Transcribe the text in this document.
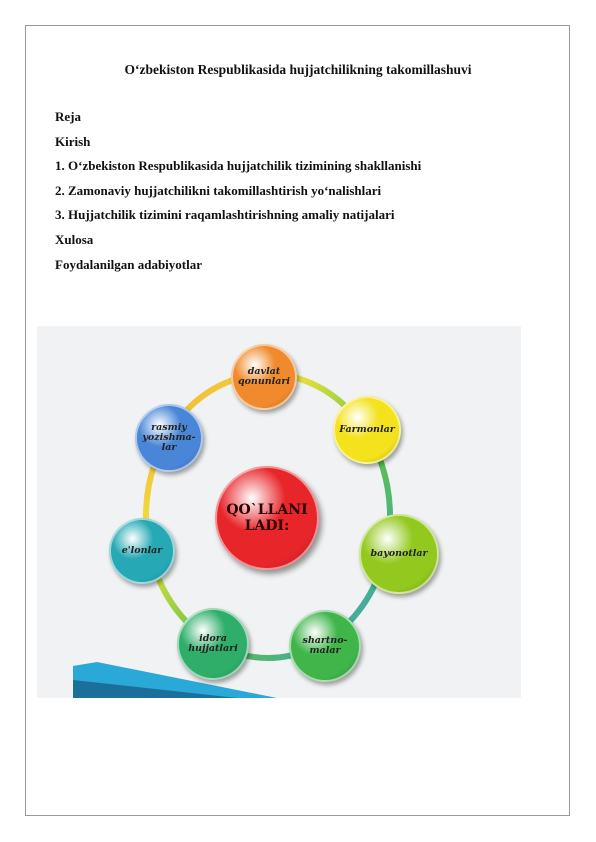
O‘zbekiston Respublikasida hujjatchilikning takomillashuvi
Reja
Kirish
1. O‘zbekiston Respublikasida hujjatchilik tizimining shakllanishi
2. Zamonaviy hujjatchilikni takomillashtirish yo‘nalishlari
3. Hujjatchilik tizimini raqamlashtirishning amaliy natijalari
Xulosa
Foydalanilgan adabiyotlar
QO`LLANI
LADI:
davlat
qonunlari
Farmonlar
bayonotlar
shartno-
malar
idora
hujjatlari
e'lonlar
rasmiy
yozishma-
lar
